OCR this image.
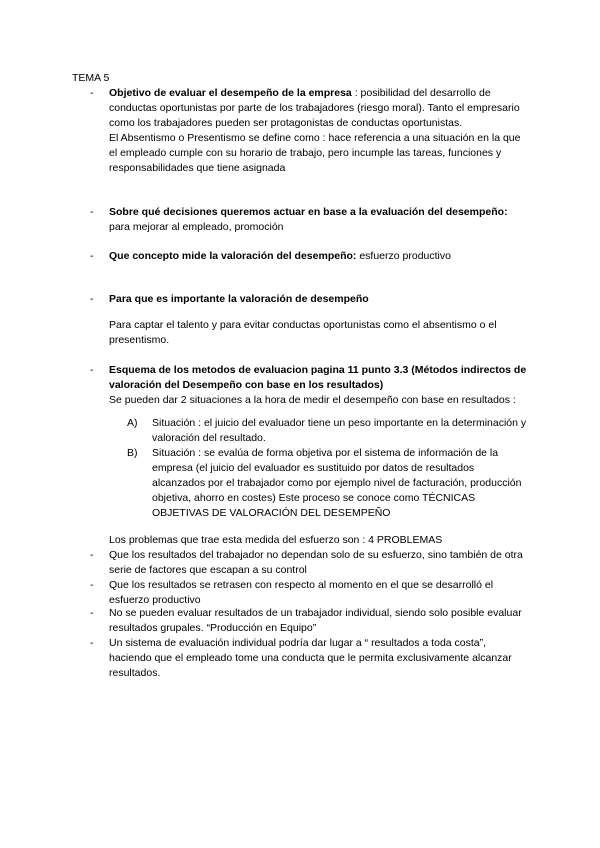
TEMA 5
-	Objetivo de evaluar el desempeño de la empresa : posibilidad del desarrollo de conductas oportunistas por parte de los trabajadores (riesgo moral). Tanto el empresario como los trabajadores pueden ser protagonistas de conductas oportunistas.

El Absentismo o Presentismo se define como : hace referencia a una situación en la que el empleado cumple con su horario de trabajo, pero incumple las tareas, funciones y responsabilidades que tiene asignada

-	Sobre qué decisiones queremos actuar en base a la evaluación del desempeño: para mejorar al empleado, promoción

-	Que concepto mide la valoración del desempeño: esfuerzo productivo

-	Para que es importante la valoración de desempeño

Para captar el talento y para evitar conductas oportunistas como el absentismo o el presentismo.
-	Esquema de los metodos de evaluacion pagina 11 punto 3.3 (Métodos indirectos de valoración del Desempeño con base en los resultados)

Se pueden dar 2 situaciones a la hora de medir el desempeño con base en resultados :

A) Situación : el juicio del evaluador tiene un peso importante en la determinación y valoración del resultado.
B) Situación : se evalúa de forma objetiva por el sistema de información de la empresa (el juicio del evaluador es sustituido por datos de resultados alcanzados por el trabajador como por ejemplo nivel de facturación, producción objetiva, ahorro en costes) Este proceso se conoce como TÉCNICAS OBJETIVAS DE VALORACIÓN DEL DESEMPEÑO
Los problemas que trae esta medida del esfuerzo son : 4 PROBLEMAS
-	Que los resultados del trabajador no dependan solo de su esfuerzo, sino también de otra serie de factores que escapan a su control
-	Que los resultados se retrasen con respecto al momento en el que se desarrolló el esfuerzo productivo
-	No se pueden evaluar resultados de un trabajador individual, siendo solo posible evaluar resultados grupales. “Producción en Equipo”
-	Un sistema de evaluación individual podría dar lugar a “ resultados a toda costa”, haciendo que el empleado tome una conducta que le permita exclusivamente alcanzar resultados.
